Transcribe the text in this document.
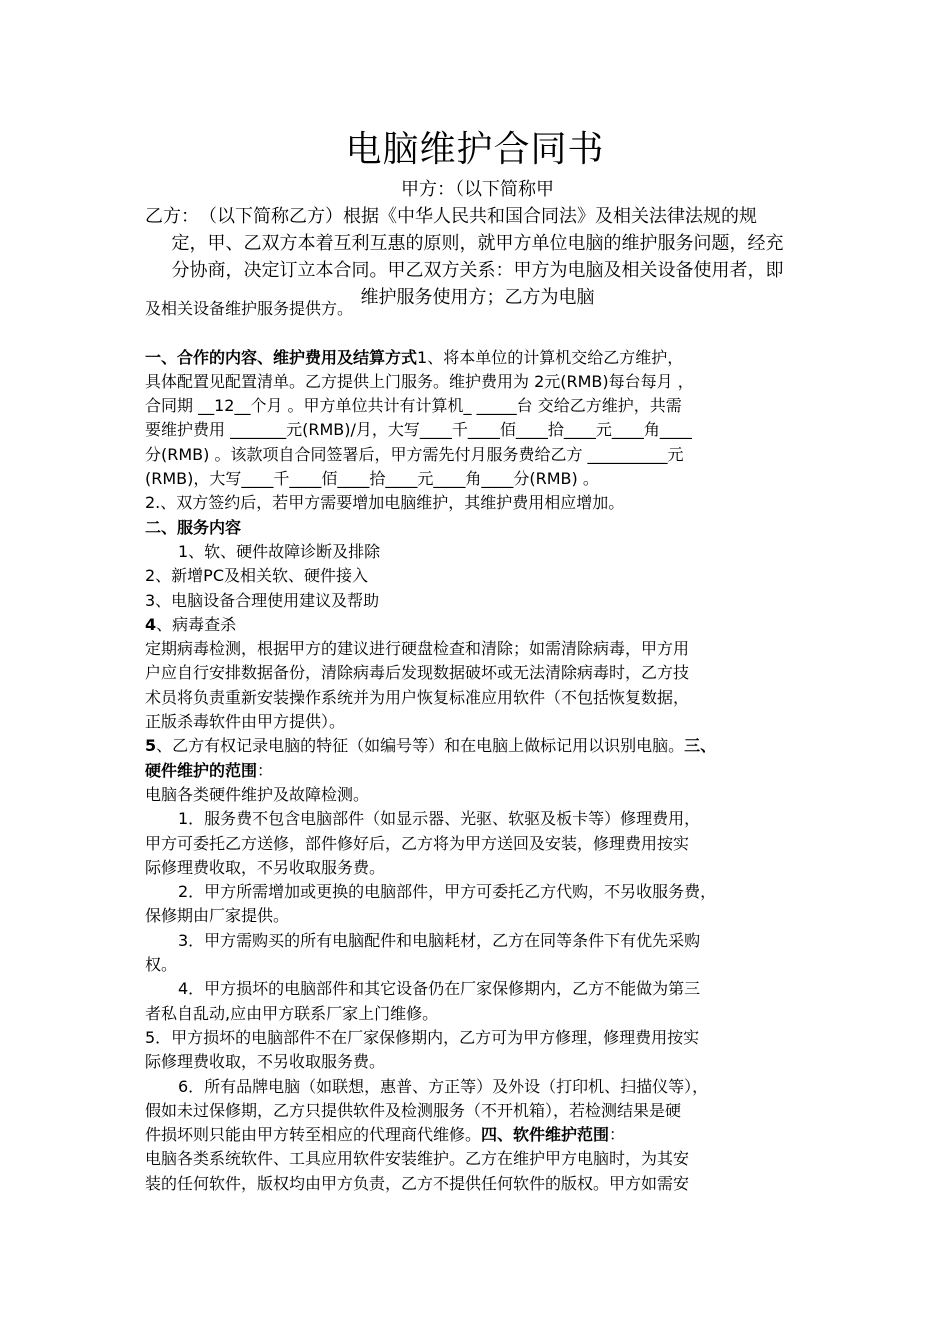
电脑维护合同书
甲方：（以下简称甲
乙方：　（以下简称乙方）根据《中华人民共和国合同法》及相关法律法规的规
定，甲、乙双方本着互利互惠的原则，就甲方单位电脑的维护服务问题，经充
分协商，决定订立本合同。甲乙双方关系：甲方为电脑及相关设备使用者，即
维护服务使用方；乙方为电脑
及相关设备维护服务提供方。
一、合作的内容、维护费用及结算方式1、将本单位的计算机交给乙方维护，
具体配置见配置清单。乙方提供上门服务。维护费用为 2元(RMB)每台每月 ，
合同期 __12__个月 。甲方单位共计有计算机_ _____台 交给乙方维护，共需
要维护费用 _______元(RMB)/月，大写____千____佰____拾____元____角____
分(RMB) 。该款项自合同签署后，甲方需先付月服务费给乙方 __________元
(RMB)，大写____千____佰____拾____元____角____分(RMB) 。
2.、双方签约后，若甲方需要增加电脑维护，其维护费用相应增加。
二、服务内容
1、软、硬件故障诊断及排除
2、新增PC及相关软、硬件接入
3、电脑设备合理使用建议及帮助
4、病毒查杀
定期病毒检测，根据甲方的建议进行硬盘检查和清除；如需清除病毒，甲方用
户应自行安排数据备份，清除病毒后发现数据破坏或无法清除病毒时，乙方技
术员将负责重新安装操作系统并为用户恢复标准应用软件（不包括恢复数据，
正版杀毒软件由甲方提供）。
5、乙方有权记录电脑的特征（如编号等）和在电脑上做标记用以识别电脑。三、
硬件维护的范围：
电脑各类硬件维护及故障检测。
1．服务费不包含电脑部件（如显示器、光驱、软驱及板卡等）修理费用，
甲方可委托乙方送修，部件修好后，乙方将为甲方送回及安装，修理费用按实
际修理费收取，不另收取服务费。
2．甲方所需增加或更换的电脑部件，甲方可委托乙方代购，不另收服务费，
保修期由厂家提供。
3．甲方需购买的所有电脑配件和电脑耗材，乙方在同等条件下有优先采购
权。
4．甲方损坏的电脑部件和其它设备仍在厂家保修期内，乙方不能做为第三
者私自乱动,应由甲方联系厂家上门维修。
5．甲方损坏的电脑部件不在厂家保修期内，乙方可为甲方修理，修理费用按实
际修理费收取，不另收取服务费。
6．所有品牌电脑（如联想，惠普、方正等）及外设（打印机、扫描仪等），
假如未过保修期，乙方只提供软件及检测服务（不开机箱），若检测结果是硬
件损坏则只能由甲方转至相应的代理商代维修。四、软件维护范围：
电脑各类系统软件、工具应用软件安装维护。乙方在维护甲方电脑时，为其安
装的任何软件，版权均由甲方负责，乙方不提供任何软件的版权。甲方如需安
